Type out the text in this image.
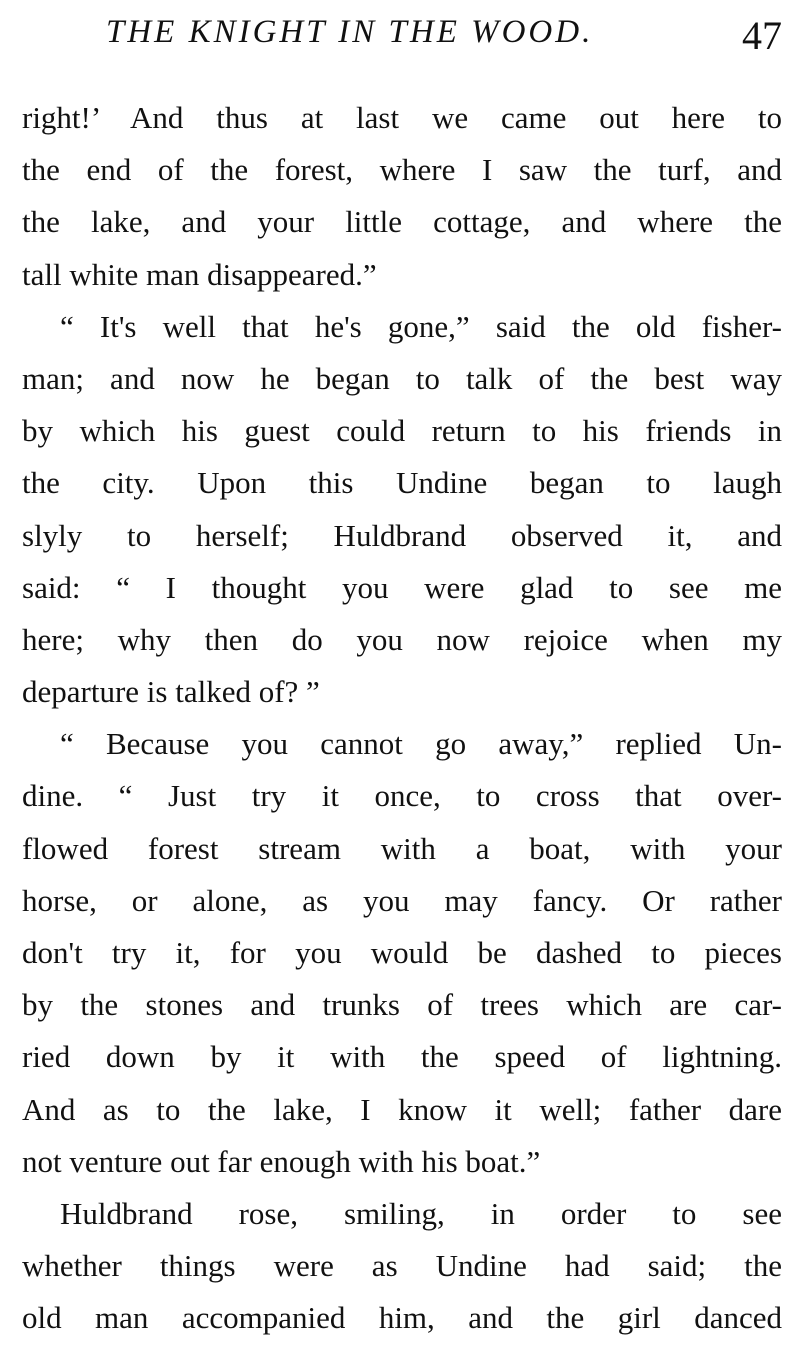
THE KNIGHT IN THE WOOD.	47
right!’ And thus at last we came out here to
the end of the forest, where I saw the turf, and
the lake, and your little cottage, and where the
tall white man disappeared.”
“ It's well that he's gone,” said the old fisher-
man; and now he began to talk of the best way
by which his guest could return to his friends in
the city. Upon this Undine began to laugh
slyly to herself; Huldbrand observed it, and
said: “ I thought you were glad to see me
here; why then do you now rejoice when my
departure is talked of? ”
“ Because you cannot go away,” replied Un-
dine. “ Just try it once, to cross that over-
flowed forest stream with a boat, with your
horse, or alone, as you may fancy. Or rather
don't try it, for you would be dashed to pieces
by the stones and trunks of trees which are car-
ried down by it with the speed of lightning.
And as to the lake, I know it well; father dare
not venture out far enough with his boat.”
Huldbrand rose, smiling, in order to see
whether things were as Undine had said; the
old man accompanied him, and the girl danced
